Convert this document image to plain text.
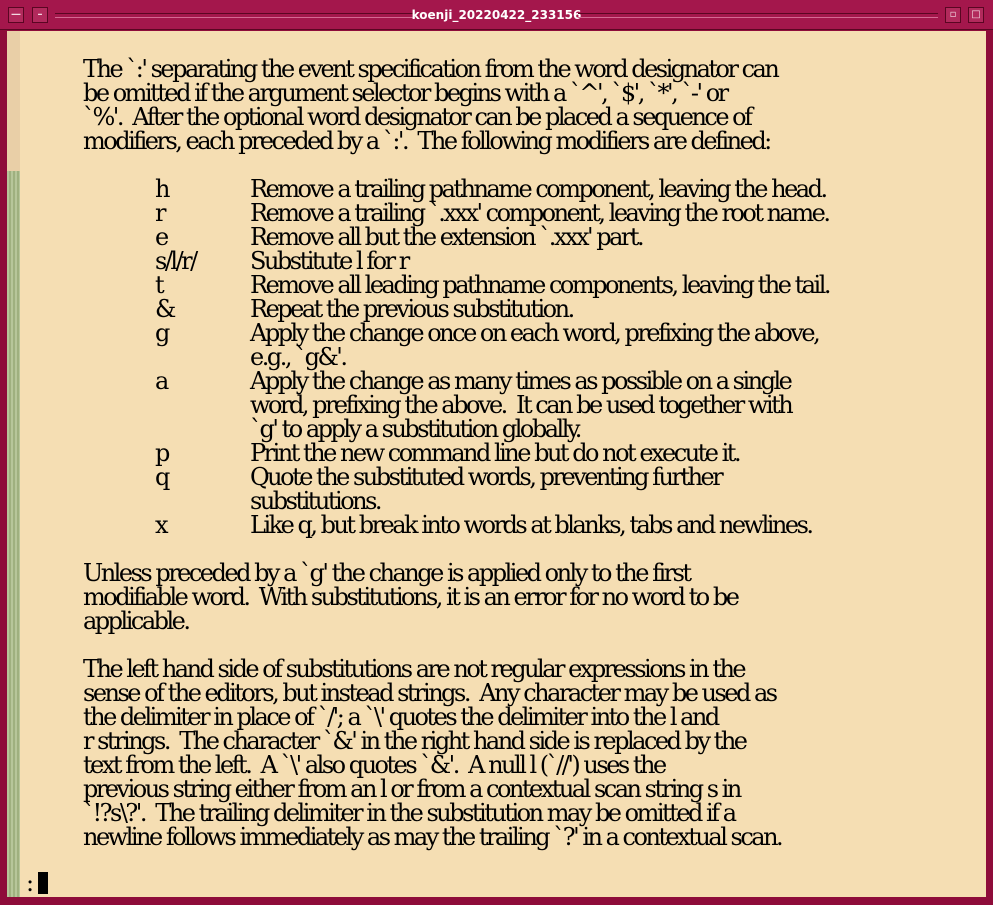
—	–	koenji_20220422_233156	▫	□
The `:' separating the event specification from the word designator can
be omitted if the argument selector begins with a `^', `$', `*', `-' or
`%'.  After the optional word designator can be placed a sequence of
modifiers, each preceded by a `:'.  The following modifiers are defined:
h	Remove a trailing pathname component, leaving the head.
r	Remove a trailing `.xxx' component, leaving the root name.
e	Remove all but the extension `.xxx' part.
s/l/r/ Substitute l for r
t	Remove all leading pathname components, leaving the tail.
&	Repeat the previous substitution.
g	Apply the change once on each word, prefixing the above,
e.g., `g&'.
a	Apply the change as many times as possible on a single
word, prefixing the above.  It can be used together with
`g' to apply a substitution globally.
p	Print the new command line but do not execute it.
q	Quote the substituted words, preventing further
substitutions.
x	Like q, but break into words at blanks, tabs and newlines.
Unless preceded by a `g' the change is applied only to the first
modifiable word.  With substitutions, it is an error for no word to be
applicable.
The left hand side of substitutions are not regular expressions in the
sense of the editors, but instead strings.  Any character may be used as
the delimiter in place of `/'; a `\' quotes the delimiter into the l and
r strings.  The character `&' in the right hand side is replaced by the
text from the left.  A `\' also quotes `&'.  A null l (`//') uses the
previous string either from an l or from a contextual scan string s in
`!?s\?'.  The trailing delimiter in the substitution may be omitted if a
newline follows immediately as may the trailing `?' in a contextual scan.
:
